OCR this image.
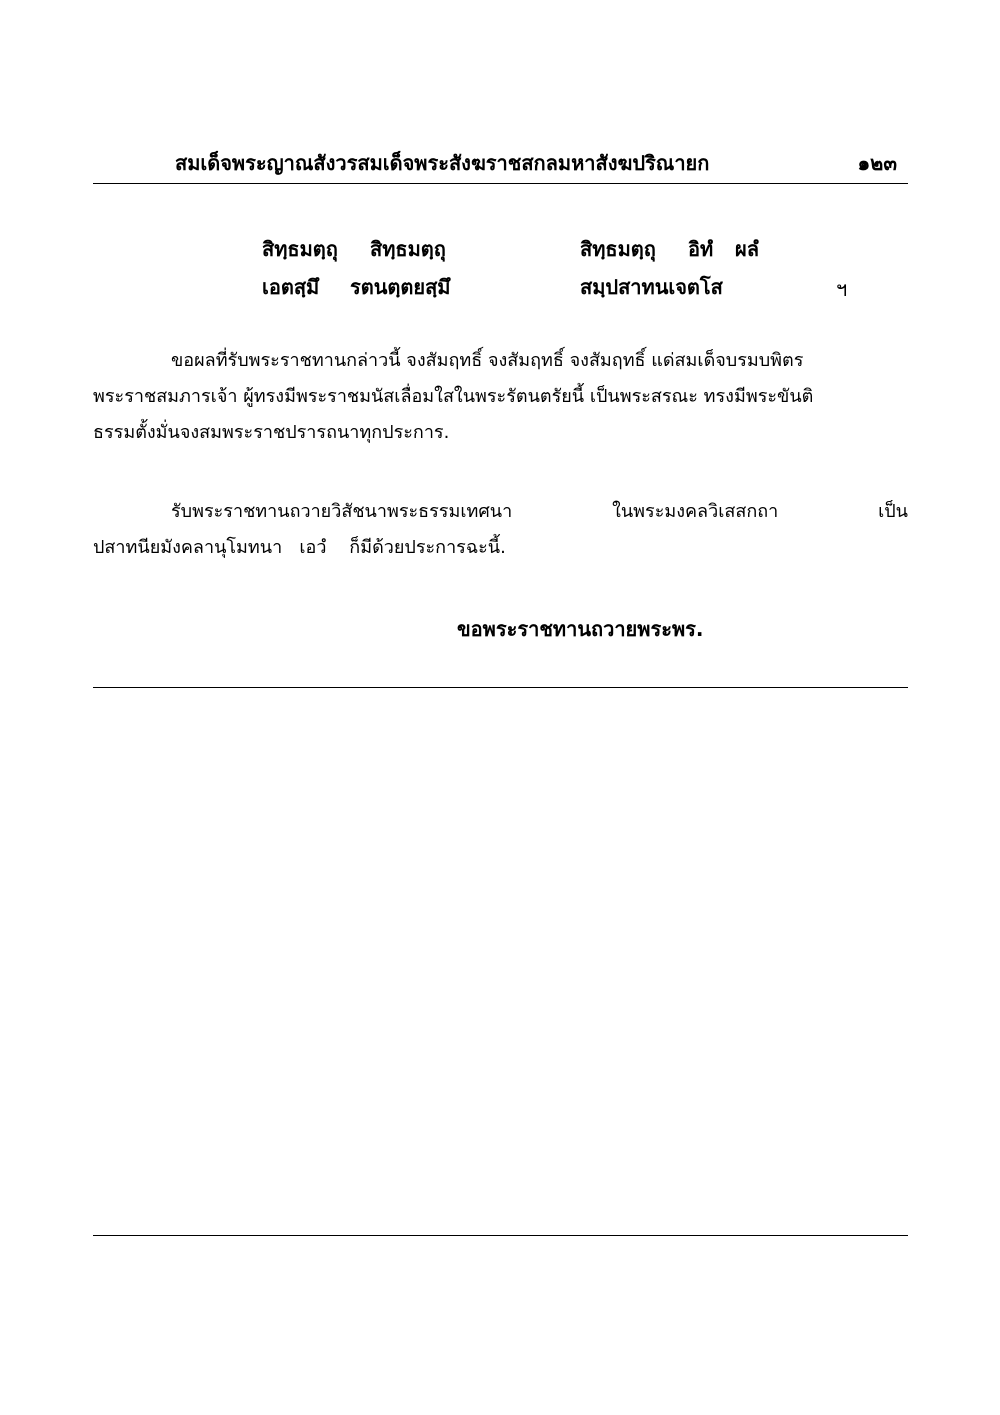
สมเด็จพระญาณสังวรสมเด็จพระสังฆราชสกลมหาสังฆปริณายก	๑๒๓
สิทฺธมตฺถุ สิทฺธมตฺถุ	สิทฺธมตฺถุ อิทํ ผลํ
เอตสฺมึ รตนตฺตยสฺมึ	สมฺปสาทนเจตโส	ฯ
ขอผลที่รับพระราชทานกล่าวนี้ จงสัมฤทธิ์ จงสัมฤทธิ์ จงสัมฤทธิ์ แด่สมเด็จบรมบพิตร
พระราชสมภารเจ้า ผู้ทรงมีพระราชมนัสเลื่อมใสในพระรัตนตรัยนี้ เป็นพระสรณะ ทรงมีพระขันติ
ธรรมตั้งมั่นจงสมพระราชปรารถนาทุกประการ.
รับพระราชทานถวายวิสัชนาพระธรรมเทศนา	ในพระมงคลวิเสสกถา	เป็น
ปสาทนียมังคลานุโมทนา   เอวํ    ก็มีด้วยประการฉะนี้.
ขอพระราชทานถวายพระพร.
